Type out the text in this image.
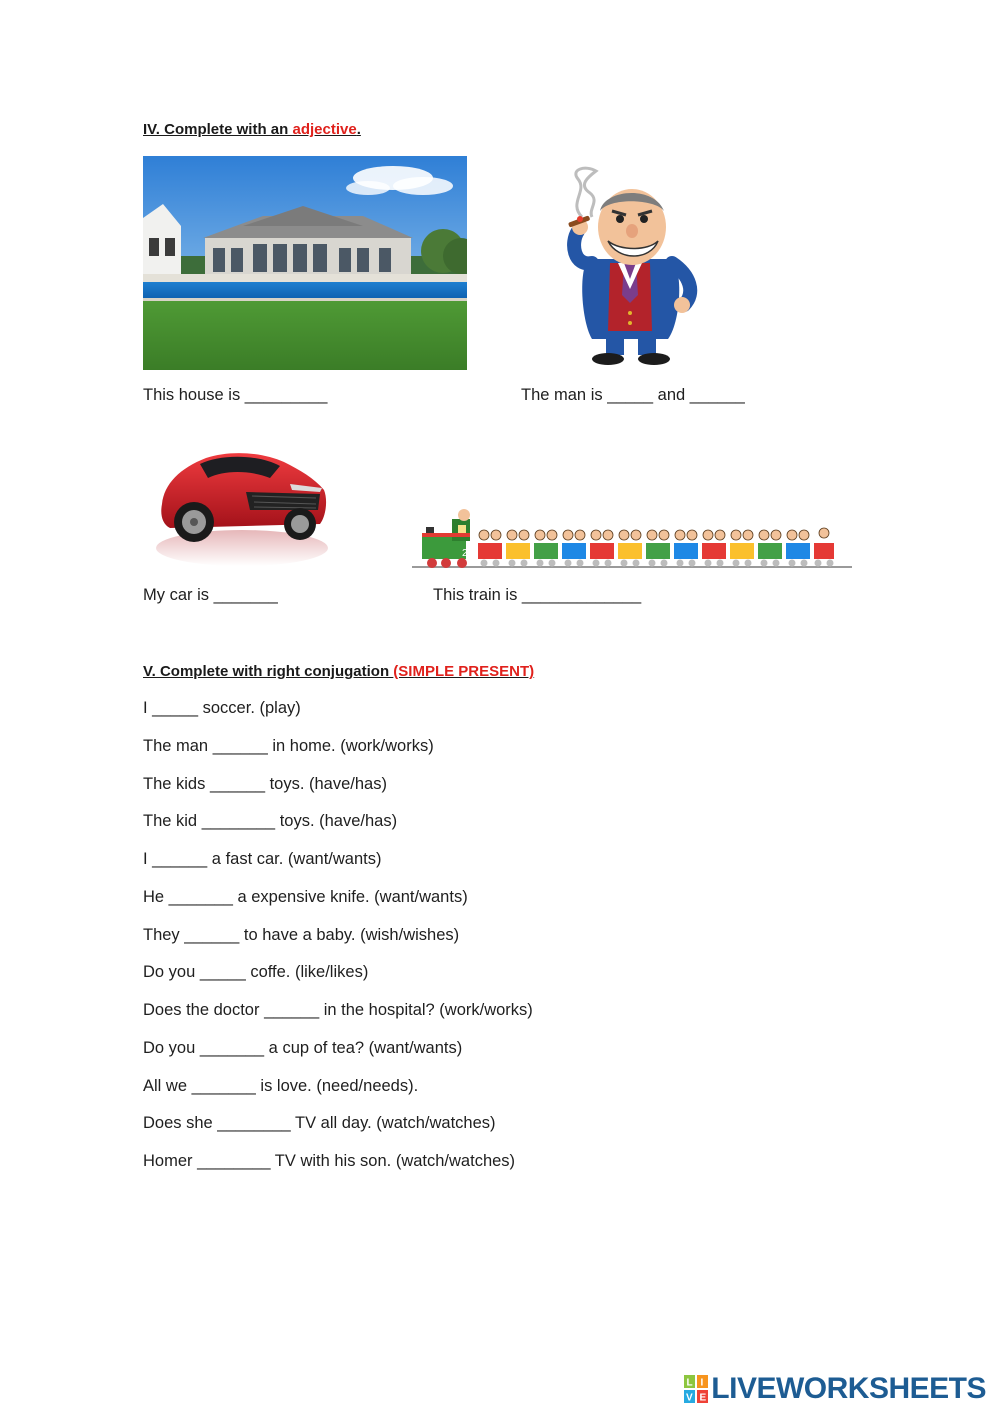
IV. Complete with an adjective.
This house is _________	The man is _____ and ______
2
My car is _______	This train is _____________
V. Complete with right conjugation (SIMPLE PRESENT)
I _____ soccer. (play)
The man ______ in home. (work/works)
The kids ______ toys. (have/has)
The kid ________ toys. (have/has)
I ______ a fast car. (want/wants)
He _______ a expensive knife. (want/wants)
They ______ to have a baby. (wish/wishes)
Do you _____ coffe. (like/likes)
Does the doctor ______ in the hospital? (work/works)
Do you _______ a cup of tea? (want/wants)
All we _______ is love. (need/needs).
Does she ________ TV all day. (watch/watches)
Homer ________ TV with his son. (watch/watches)
L I
V E LIVEWORKSHEETS
